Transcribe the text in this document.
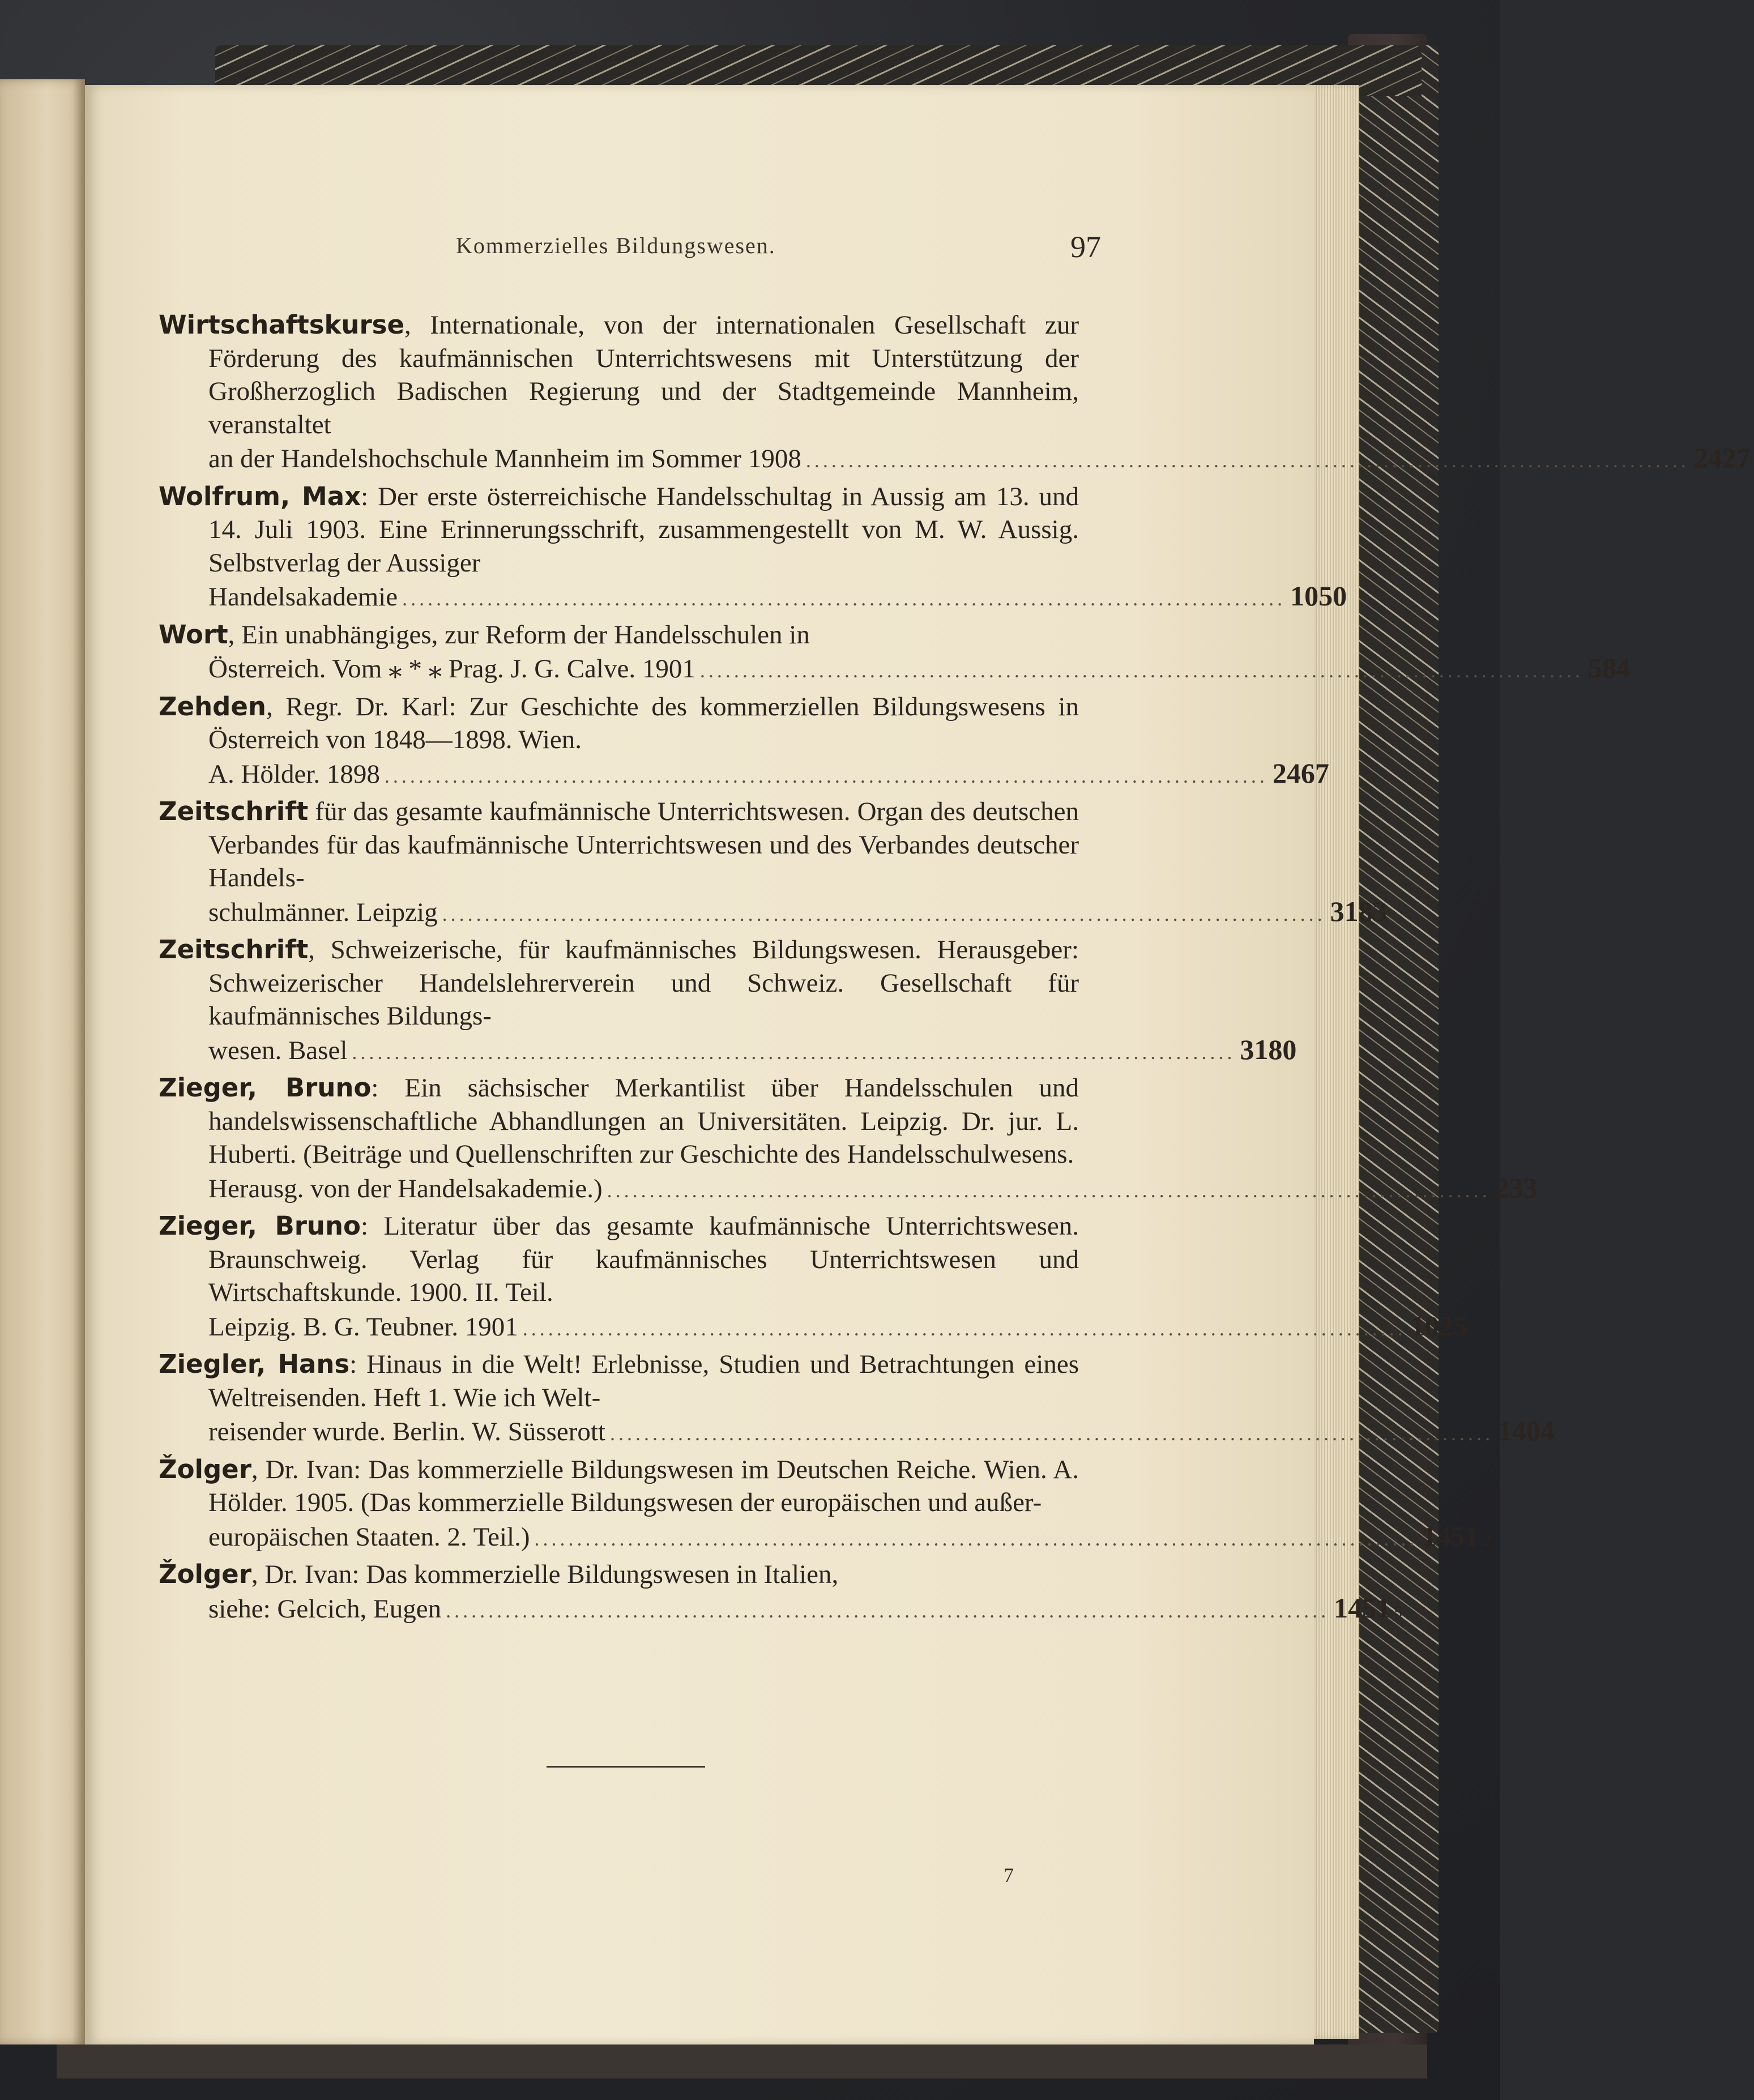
Kommerzielles Bildungswesen.	97
Wirtschaftskurse, Internationale, von der internationalen Gesellschaft zur Förderung des kaufmännischen Unterrichtswesens mit Unterstützung der Großherzoglich Badischen Regierung und der Stadtgemeinde Mannheim, veranstaltet
an der Handelshochschule Mannheim im Sommer 1908 ........................................................................................................ 2427
Wolfrum, Max: Der erste österreichische Handelsschultag in Aussig am 13. und 14. Juli 1903. Eine Erinnerungsschrift, zusammengestellt von M. W. Aussig. Selbstverlag der Aussiger
Handelsakademie ........................................................................................................ 1050
Wort, Ein unabhängiges, zur Reform der Handelsschulen in
Österreich. Vom ⁎ * ⁎ Prag. J. G. Calve. 1901 ........................................................................................................ 584
Zehden, Regr. Dr. Karl: Zur Geschichte des kommerziellen Bildungswesens in Österreich von 1848—1898. Wien.
A. Hölder. 1898 ........................................................................................................ 2467
Zeitschrift für das gesamte kaufmännische Unterrichtswesen. Organ des deutschen Verbandes für das kaufmännische Unterrichtswesen und des Verbandes deutscher Handels-
schulmänner. Leipzig ........................................................................................................ 3183
Zeitschrift, Schweizerische, für kaufmännisches Bildungswesen. Herausgeber: Schweizerischer Handelslehrerverein und Schweiz. Gesellschaft für kaufmännisches Bildungs-
wesen. Basel ........................................................................................................ 3180
Zieger, Bruno: Ein sächsischer Merkantilist über Handelsschulen und handelswissenschaftliche Abhandlungen an Universitäten. Leipzig. Dr. jur. L. Huberti. (Beiträge und Quellenschriften zur Geschichte des Handelsschulwesens.
Herausg. von der Handelsakademie.) ........................................................................................................ 233
Zieger, Bruno: Literatur über das gesamte kaufmännische Unterrichtswesen. Braunschweig. Verlag für kaufmännisches Unterrichtswesen und Wirtschaftskunde. 1900. II. Teil.
Leipzig. B. G. Teubner. 1901 ........................................................................................................ 1025
Ziegler, Hans: Hinaus in die Welt! Erlebnisse, Studien und Betrachtungen eines Weltreisenden. Heft 1. Wie ich Welt-
reisender wurde. Berlin. W. Süsserott ........................................................................................................ 1404
Žolger, Dr. Ivan: Das kommerzielle Bildungswesen im Deutschen Reiche. Wien. A. Hölder. 1905. (Das kommerzielle Bildungswesen der europäischen und außer-
europäischen Staaten. 2. Teil.) ........................................................................................................ 1451 2
Žolger, Dr. Ivan: Das kommerzielle Bildungswesen in Italien,
siehe: Gelcich, Eugen ........................................................................................................ 1451 5
7
